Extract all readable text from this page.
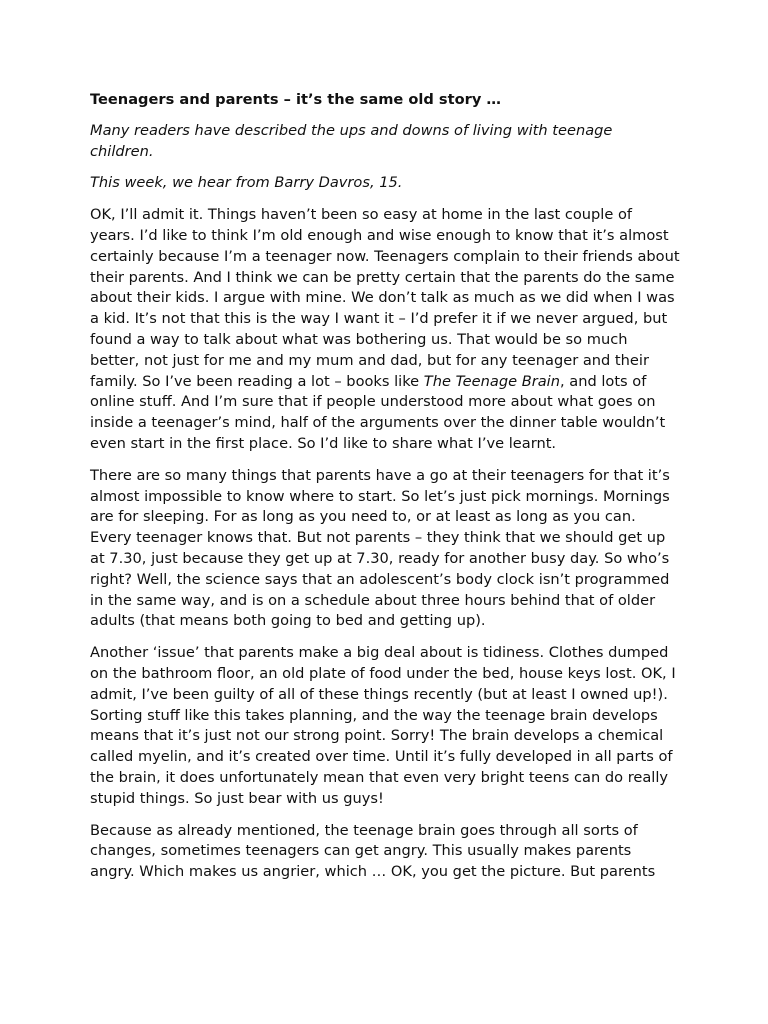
Teenagers and parents – it’s the same old story …

Many readers have described the ups and downs of living with teenage children.

This week, we hear from Barry Davros, 15.

OK, I’ll admit it. Things haven’t been so easy at home in the last couple of years. I’d like to think I’m old enough and wise enough to know that it’s almost certainly because I’m a teenager now. Teenagers complain to their friends about their parents. And I think we can be pretty certain that the parents do the same about their kids. I argue with mine. We don’t talk as much as we did when I was a kid. It’s not that this is the way I want it – I’d prefer it if we never argued, but found a way to talk about what was bothering us. That would be so much better, not just for me and my mum and dad, but for any teenager and their family. So I’ve been reading a lot – books like The Teenage Brain, and lots of online stuff. And I’m sure that if people understood more about what goes on inside a teenager’s mind, half of the arguments over the dinner table wouldn’t even start in the first place. So I’d like to share what I’ve learnt.

There are so many things that parents have a go at their teenagers for that it’s almost impossible to know where to start. So let’s just pick mornings. Mornings are for sleeping. For as long as you need to, or at least as long as you can. Every teenager knows that. But not parents – they think that we should get up at 7.30, just because they get up at 7.30, ready for another busy day. So who’s right? Well, the science says that an adolescent’s body clock isn’t programmed in the same way, and is on a schedule about three hours behind that of older adults (that means both going to bed and getting up).

Another ‘issue’ that parents make a big deal about is tidiness. Clothes dumped on the bathroom floor, an old plate of food under the bed, house keys lost. OK, I admit, I’ve been guilty of all of these things recently (but at least I owned up!). Sorting stuff like this takes planning, and the way the teenage brain develops means that it’s just not our strong point. Sorry! The brain develops a chemical called myelin, and it’s created over time. Until it’s fully developed in all parts of the brain, it does unfortunately mean that even very bright teens can do really stupid things. So just bear with us guys!

Because as already mentioned, the teenage brain goes through all sorts of changes, sometimes teenagers can get angry. This usually makes parents angry. Which makes us angrier, which … OK, you get the picture. But parents
